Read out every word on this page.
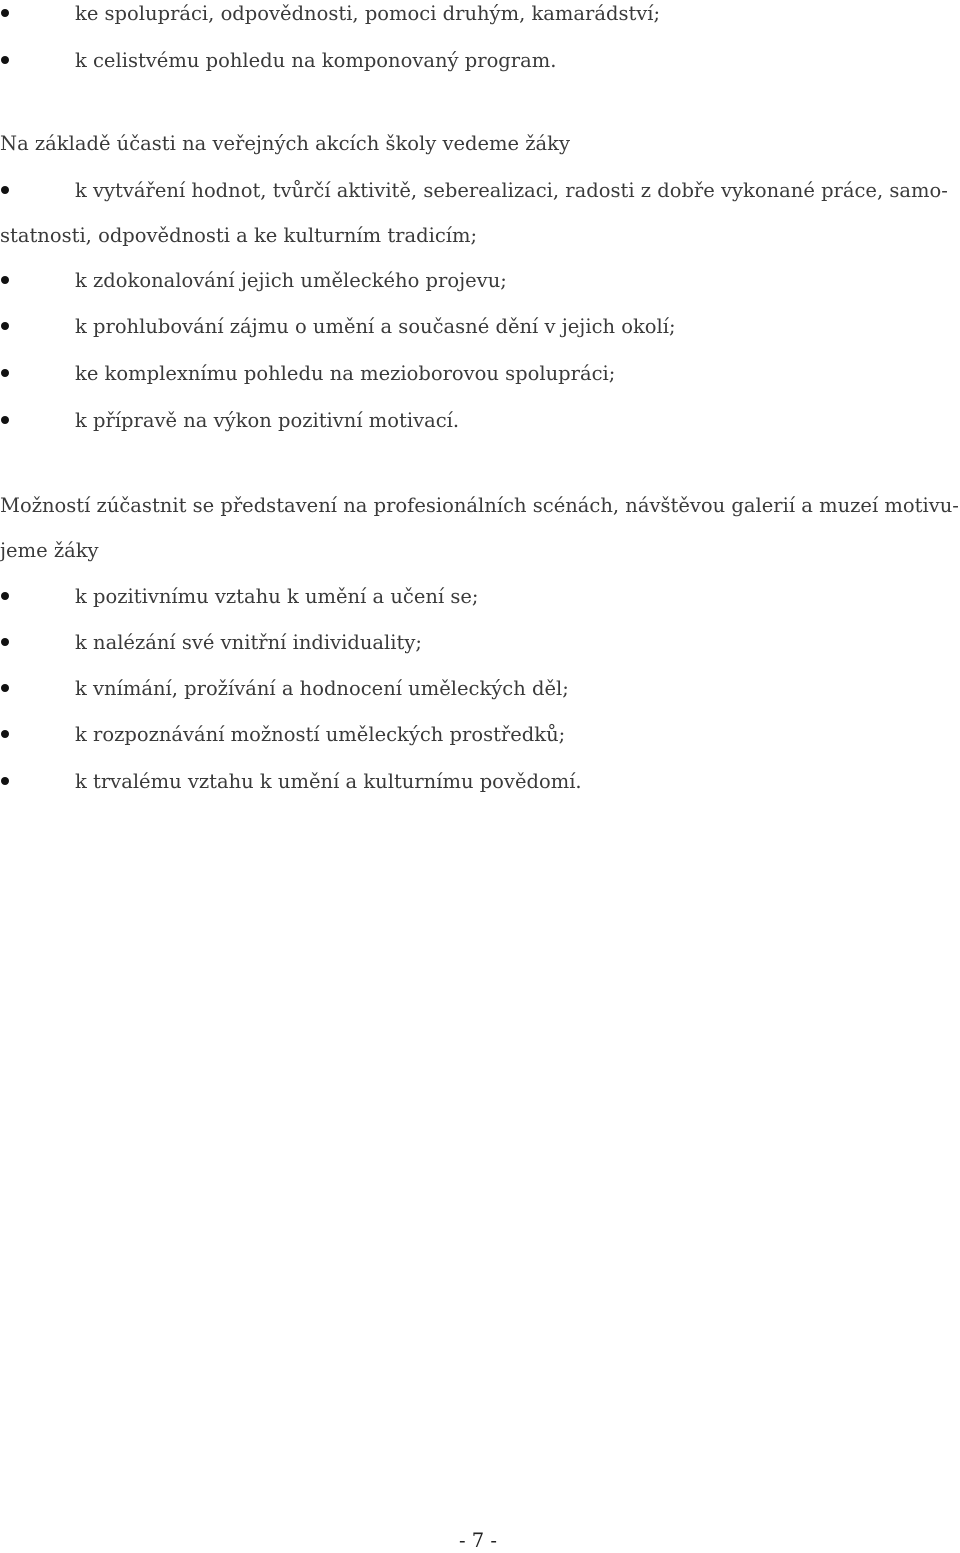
ke spolupráci, odpovědnosti, pomoci druhým, kamarádství;
k celistvému pohledu na komponovaný program.
Na základě účasti na veřejných akcích školy vedeme žáky
k vytváření hodnot, tvůrčí aktivitě, seberealizaci, radosti z dobře vykonané práce, samo-
statnosti, odpovědnosti a ke kulturním tradicím;
k zdokonalování jejich uměleckého projevu;
k prohlubování zájmu o umění a současné dění v jejich okolí;
ke komplexnímu pohledu na mezioborovou spolupráci;
k přípravě na výkon pozitivní motivací.
Možností zúčastnit se představení na profesionálních scénách, návštěvou galerií a muzeí motivu-
jeme žáky
k pozitivnímu vztahu k umění a učení se;
k nalézání své vnitřní individuality;
k vnímání, prožívání a hodnocení uměleckých děl;
k rozpoznávání možností uměleckých prostředků;
k trvalému vztahu k umění a kulturnímu povědomí.
- 7 -
